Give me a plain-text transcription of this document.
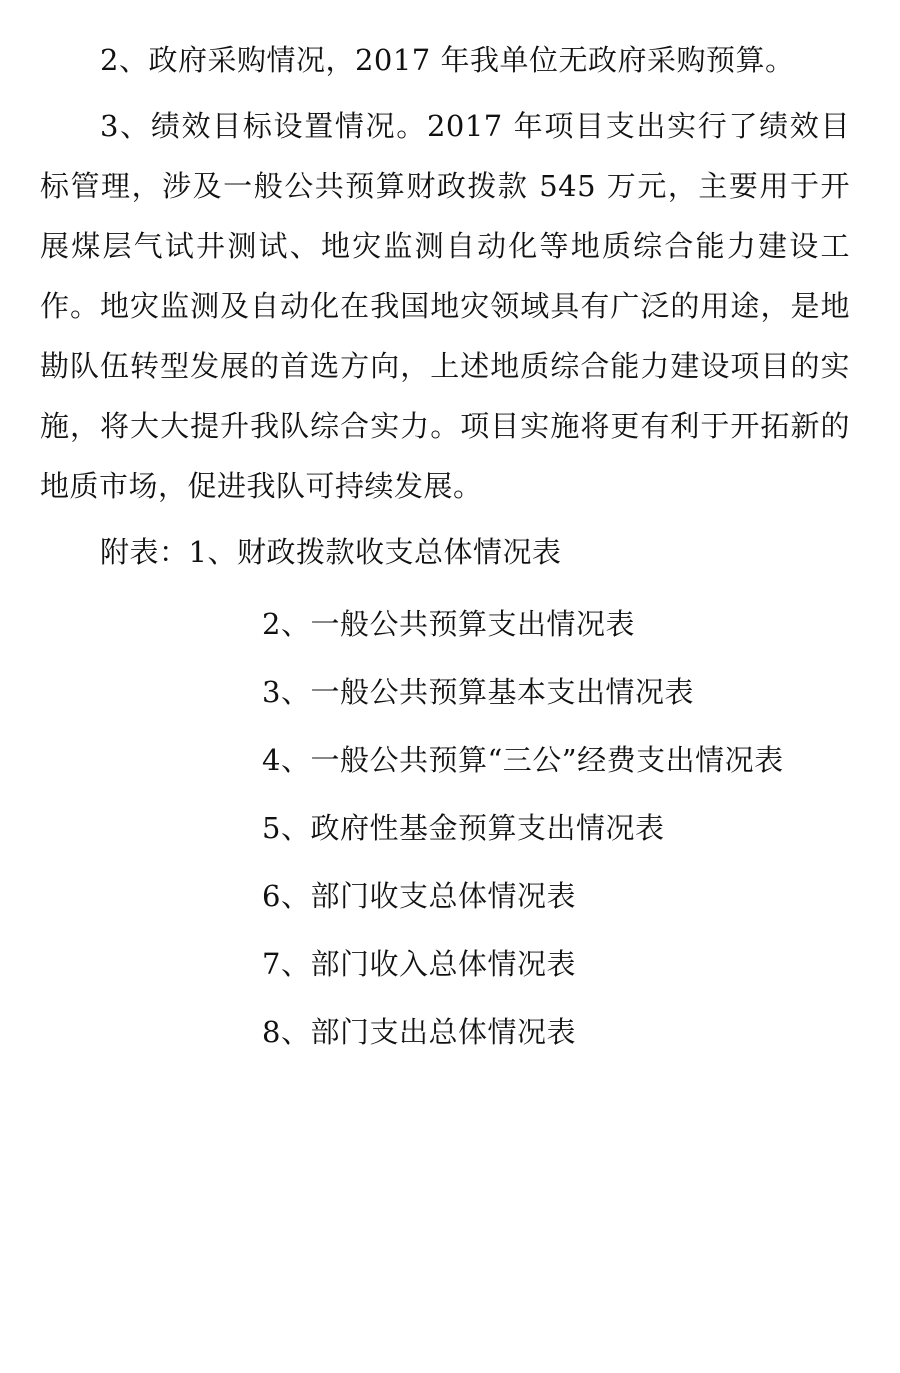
2、政府采购情况，2017 年我单位无政府采购预算。

3、绩效目标设置情况。2017 年项目支出实行了绩效目标管理，涉及一般公共预算财政拨款 545 万元，主要用于开展煤层气试井测试、地灾监测自动化等地质综合能力建设工作。地灾监测及自动化在我国地灾领域具有广泛的用途，是地勘队伍转型发展的首选方向，上述地质综合能力建设项目的实施，将大大提升我队综合实力。项目实施将更有利于开拓新的地质市场，促进我队可持续发展。

附表：1、财政拨款收支总体情况表

2、一般公共预算支出情况表
3、一般公共预算基本支出情况表
4、一般公共预算“三公”经费支出情况表
5、政府性基金预算支出情况表
6、部门收支总体情况表
7、部门收入总体情况表
8、部门支出总体情况表
